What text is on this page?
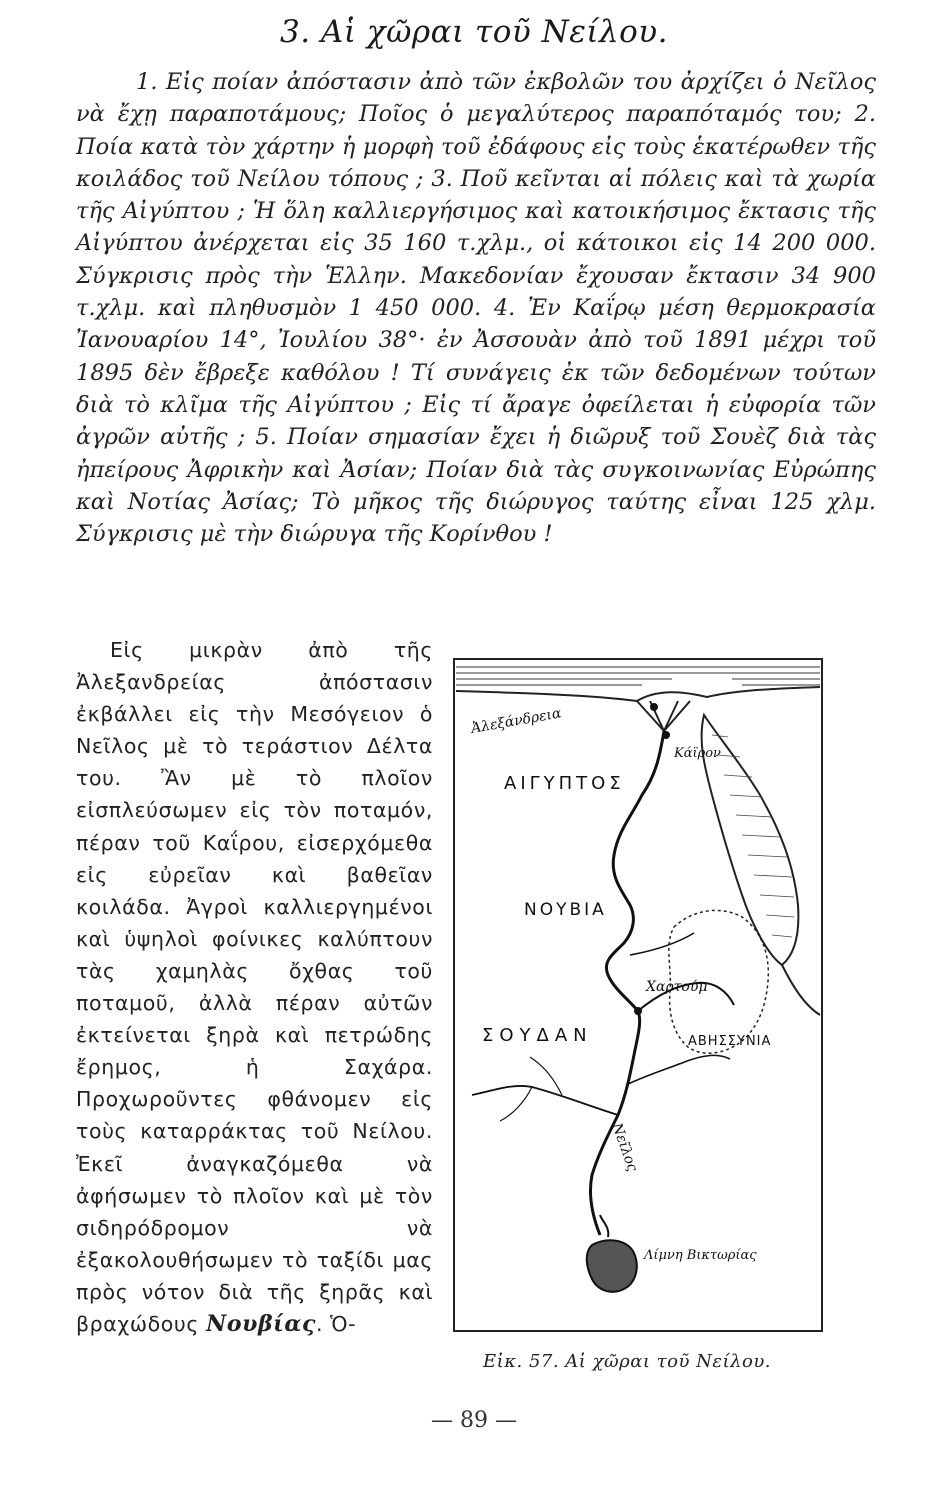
3. Αἱ χῶραι τοῦ Νείλου.

1. Εἰς ποίαν ἀπόστασιν ἀπὸ τῶν ἐκβολῶν του ἀρχίζει ὁ Νεῖλος νὰ ἔχῃ παραποτάμους; Ποῖος ὁ μεγαλύτερος παραπόταμός του; 2. Ποία κατὰ τὸν χάρτην ἡ μορφὴ τοῦ ἐδάφους εἰς τοὺς ἑκατέρωθεν τῆς κοιλάδος τοῦ Νείλου τόπους ; 3. Ποῦ κεῖνται αἱ πόλεις καὶ τὰ χωρία τῆς Αἰγύπτου ; Ἡ ὅλη καλλιεργήσιμος καὶ κατοικήσιμος ἔκτασις τῆς Αἰγύπτου ἀνέρχεται εἰς 35 160 τ.χλμ., οἱ κάτοικοι εἰς 14 200 000. Σύγκρισις πρὸς τὴν Ἑλλην. Μακεδονίαν ἔχουσαν ἔκτασιν 34 900 τ.χλμ. καὶ πληθυσμὸν 1 450 000. 4. Ἐν Καΐρῳ μέση θερμοκρασία Ἰανουαρίου 14°, Ἰουλίου 38°· ἐν Ἀσσουὰν ἀπὸ τοῦ 1891 μέχρι τοῦ 1895 δὲν ἔβρεξε καθόλου ! Τί συνάγεις ἐκ τῶν δεδομένων τούτων διὰ τὸ κλῖμα τῆς Αἰγύπτου ; Εἰς τί ἄραγε ὀφείλεται ἡ εὐφορία τῶν ἀγρῶν αὐτῆς ; 5. Ποίαν σημασίαν ἔχει ἡ διῶρυξ τοῦ Σουὲζ διὰ τὰς ἠπείρους Ἀφρικὴν καὶ Ἀσίαν; Ποίαν διὰ τὰς συγκοινωνίας Εὐρώπης καὶ Νοτίας Ἀσίας; Τὸ μῆκος τῆς διώρυγος ταύτης εἶναι 125 χλμ. Σύγκρισις μὲ τὴν διώρυγα τῆς Κορίνθου !

Εἰς μικρὰν ἀπὸ τῆς Ἀλεξανδρείας ἀπόστασιν ἐκβάλλει εἰς τὴν Μεσόγειον ὁ Νεῖλος μὲ τὸ τεράστιον Δέλτα του. Ἂν μὲ τὸ πλοῖον εἰσπλεύσωμεν εἰς τὸν ποταμόν, πέραν τοῦ Καΐρου, εἰσερχόμεθα εἰς εὐρεῖαν καὶ βαθεῖαν κοιλάδα. Ἀγροὶ καλλιεργημένοι καὶ ὑψηλοὶ φοίνικες καλύπτουν τὰς χαμηλὰς ὄχθας τοῦ ποταμοῦ, ἀλλὰ πέραν αὐτῶν ἐκτείνεται ξηρὰ καὶ πετρώδης ἔρημος, ἡ Σαχάρα. Προχωροῦντες φθάνομεν εἰς τοὺς καταρράκτας τοῦ Νείλου. Ἐκεῖ ἀναγκαζόμεθα νὰ ἀφήσωμεν τὸ πλοῖον καὶ μὲ τὸν σιδηρόδρομον νὰ ἐξακολουθήσωμεν τὸ ταξίδι μας πρὸς νότον διὰ τῆς ξηρᾶς καὶ βραχώδους Νουβίας. Ὁ-

Ἀλεξάνδρεια
Κάϊρον
ΑΙΓΥΠΤΟΣ
ΝΟΥΒΙΑ
Χαρτούμ
ΣΟΥΔΑΝ	ΑΒΗΣΣΥΝΙΑ
Νεῖλος
Λίμνη Βικτωρίας
Εἰκ. 57. Αἱ χῶραι τοῦ Νείλου.
— 89 —
